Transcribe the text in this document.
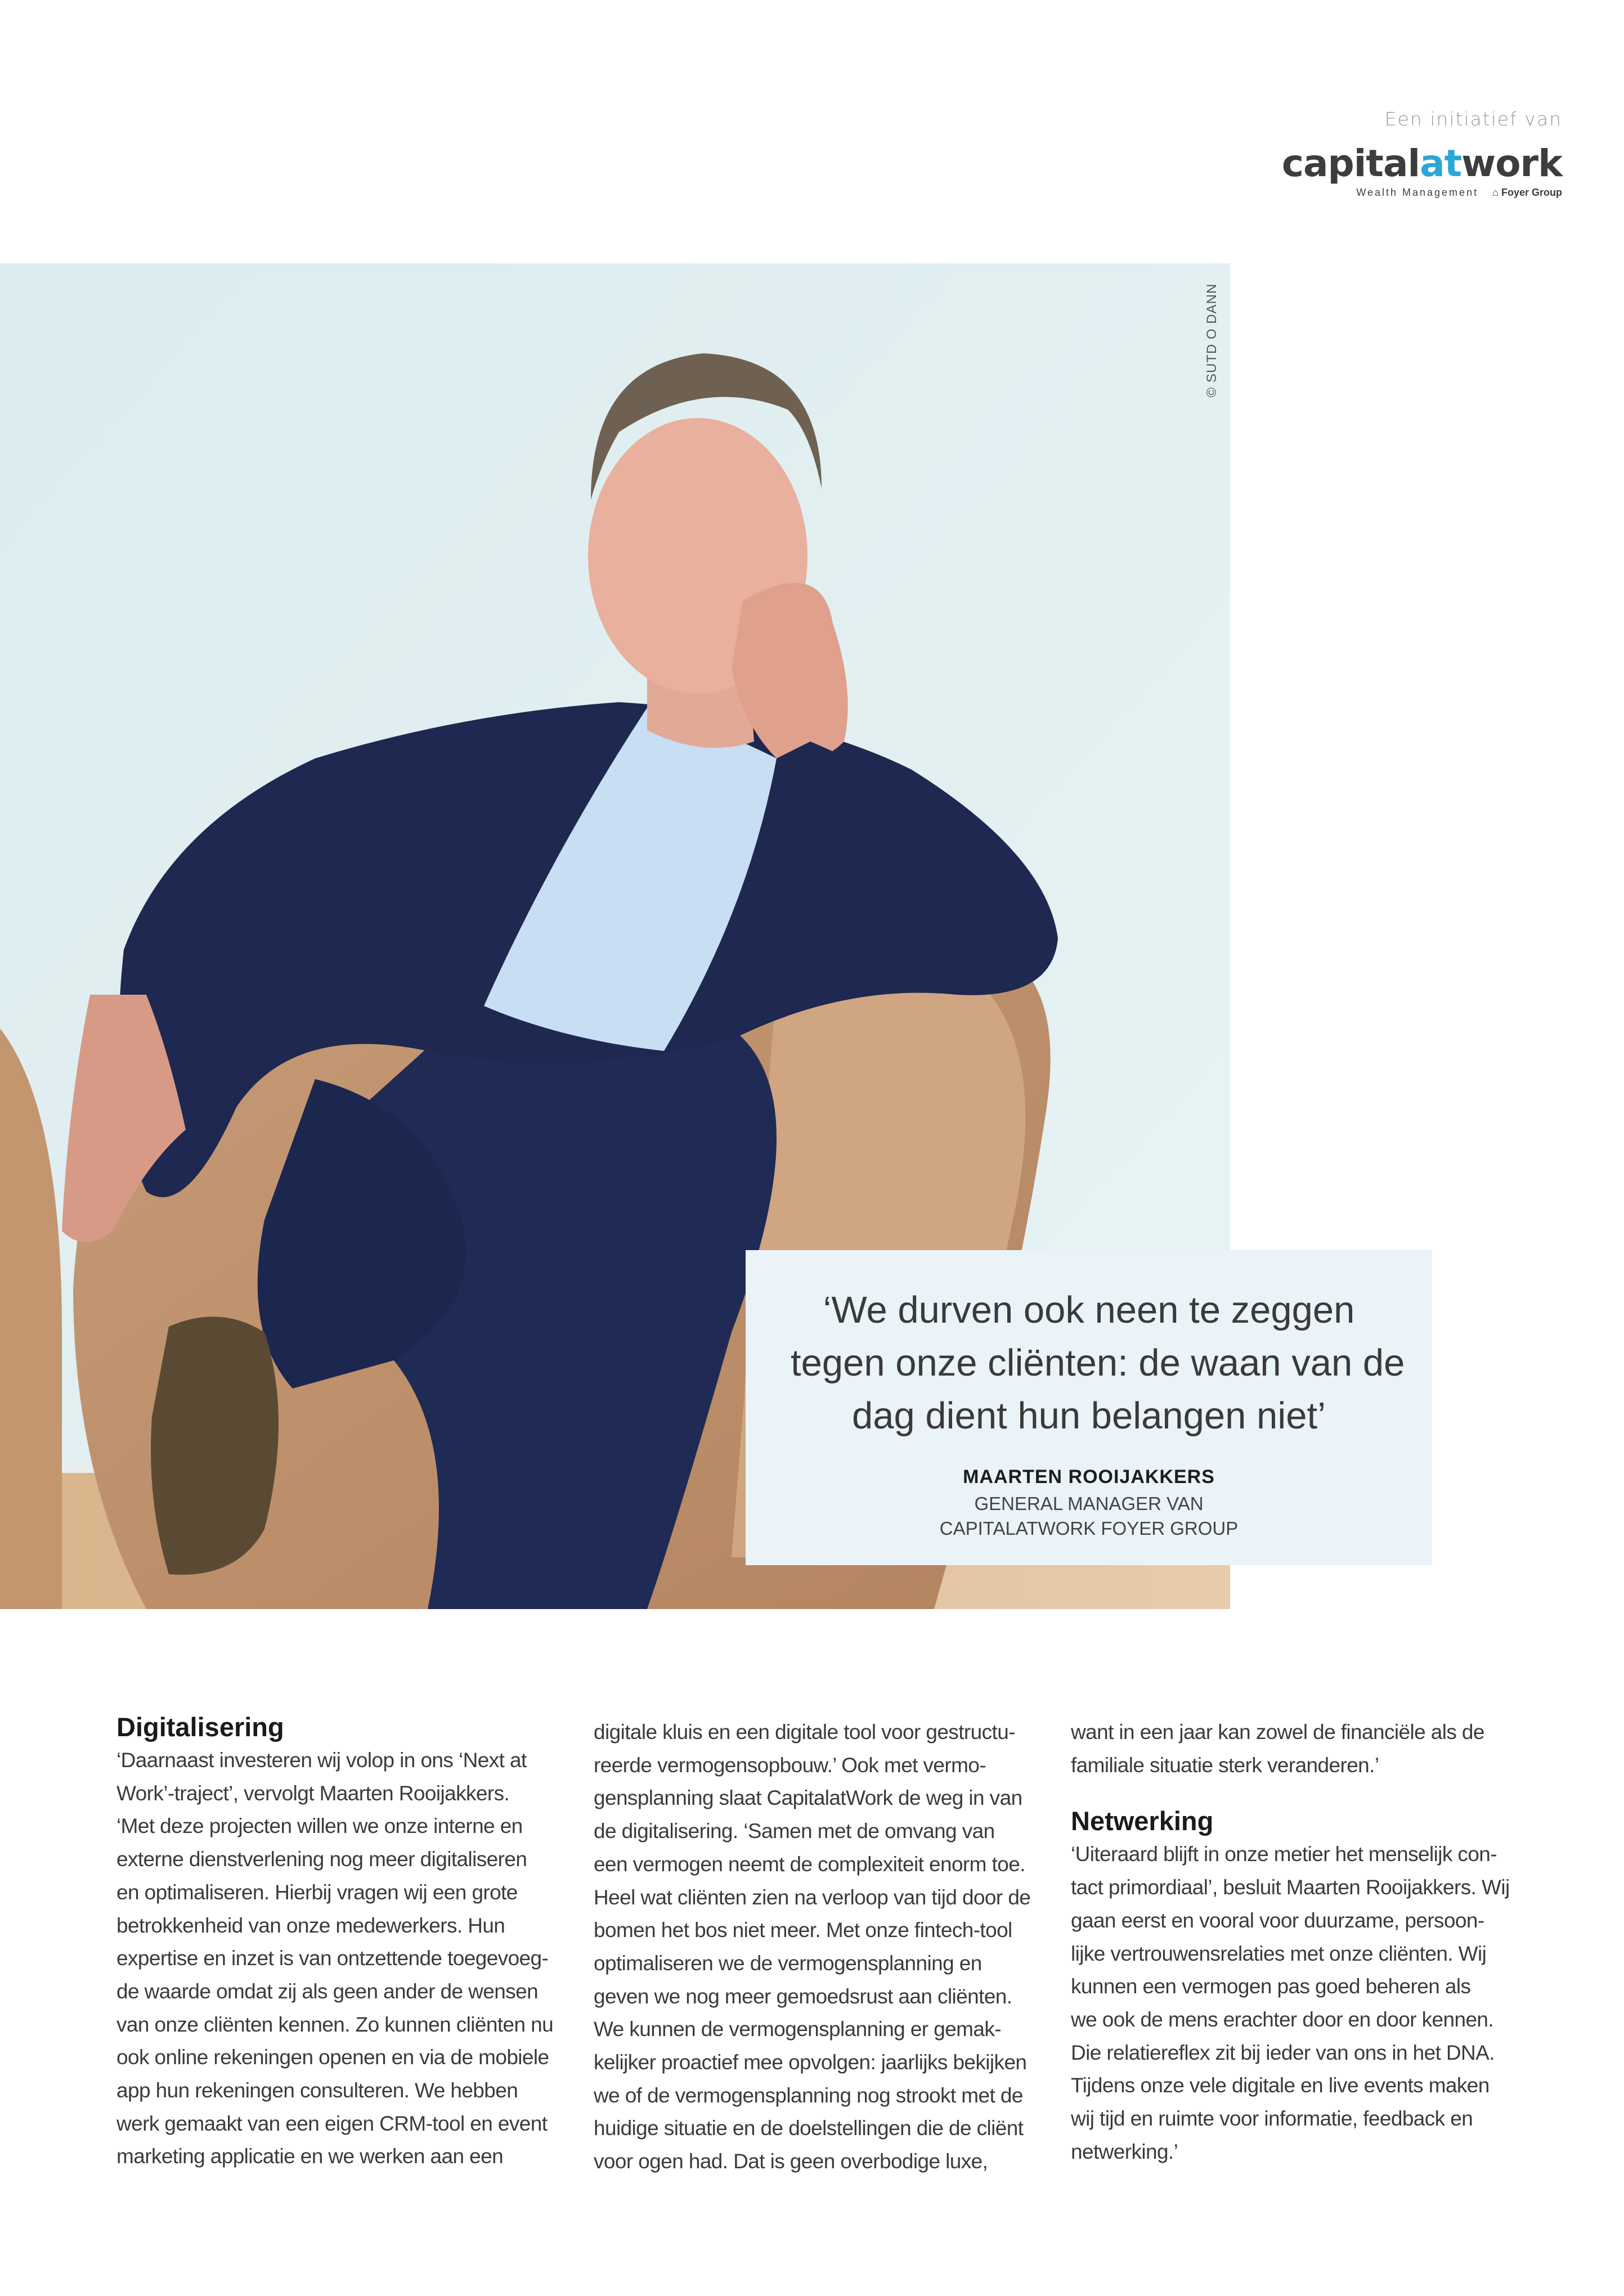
Een initiatief van
capitalatwork
Wealth Management ⌂ Foyer Group
© SUTD O DANN
‘We durven ook neen te zeggen
tegen onze cliënten: de waan van de
dag dient hun belangen niet’
MAARTEN ROOIJAKKERS
GENERAL MANAGER VAN
CAPITALATWORK FOYER GROUP
Digitalisering

‘Daarnaast investeren wij volop in ons ‘Next at
Work’-traject’, vervolgt Maarten Rooijakkers.
‘Met deze projecten willen we onze interne en
externe dienstverlening nog meer digitaliseren
en optimaliseren. Hierbij vragen wij een grote
betrokkenheid van onze medewerkers. Hun
expertise en inzet is van ontzettende toegevoeg-
de waarde omdat zij als geen ander de wensen
van onze cliënten kennen. Zo kunnen cliënten nu
ook online rekeningen openen en via de mobiele
app hun rekeningen consulteren. We hebben
werk gemaakt van een eigen CRM-tool en event
marketing applicatie en we werken aan een

digitale kluis en een digitale tool voor gestructu-
reerde vermogensopbouw.’ Ook met vermo-
gensplanning slaat CapitalatWork de weg in van
de digitalisering. ‘Samen met de omvang van
een vermogen neemt de complexiteit enorm toe.
Heel wat cliënten zien na verloop van tijd door de
bomen het bos niet meer. Met onze fintech-tool
optimaliseren we de vermogensplanning en
geven we nog meer gemoedsrust aan cliënten.
We kunnen de vermogensplanning er gemak-
kelijker proactief mee opvolgen: jaarlijks bekijken
we of de vermogensplanning nog strookt met de
huidige situatie en de doelstellingen die de cliënt
voor ogen had. Dat is geen overbodige luxe,

want in een jaar kan zowel de financiële als de
familiale situatie sterk veranderen.’

Netwerking

‘Uiteraard blijft in onze metier het menselijk con-
tact primordiaal’, besluit Maarten Rooijakkers. Wij
gaan eerst en vooral voor duurzame, persoon-
lijke vertrouwensrelaties met onze cliënten. Wij
kunnen een vermogen pas goed beheren als
we ook de mens erachter door en door kennen.
Die relatiereflex zit bij ieder van ons in het DNA.
Tijdens onze vele digitale en live events maken
wij tijd en ruimte voor informatie, feedback en
netwerking.’
